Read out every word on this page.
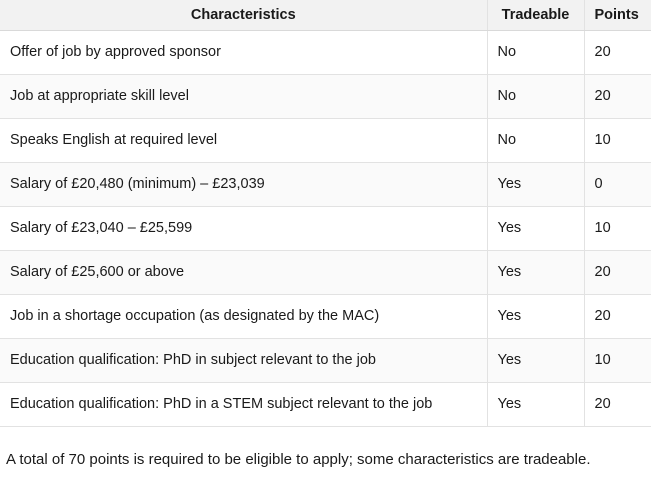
Characteristics	Tradeable	Points
Offer of job by approved sponsor	No	20
Job at appropriate skill level	No	20
Speaks English at required level	No	10
Salary of £20,480 (minimum) – £23,039	Yes	0
Salary of £23,040 – £25,599	Yes	10
Salary of £25,600 or above	Yes	20
Job in a shortage occupation (as designated by the MAC)	Yes	20
Education qualification: PhD in subject relevant to the job	Yes	10
Education qualification: PhD in a STEM subject relevant to the job	Yes	20

A total of 70 points is required to be eligible to apply; some characteristics are tradeable.
